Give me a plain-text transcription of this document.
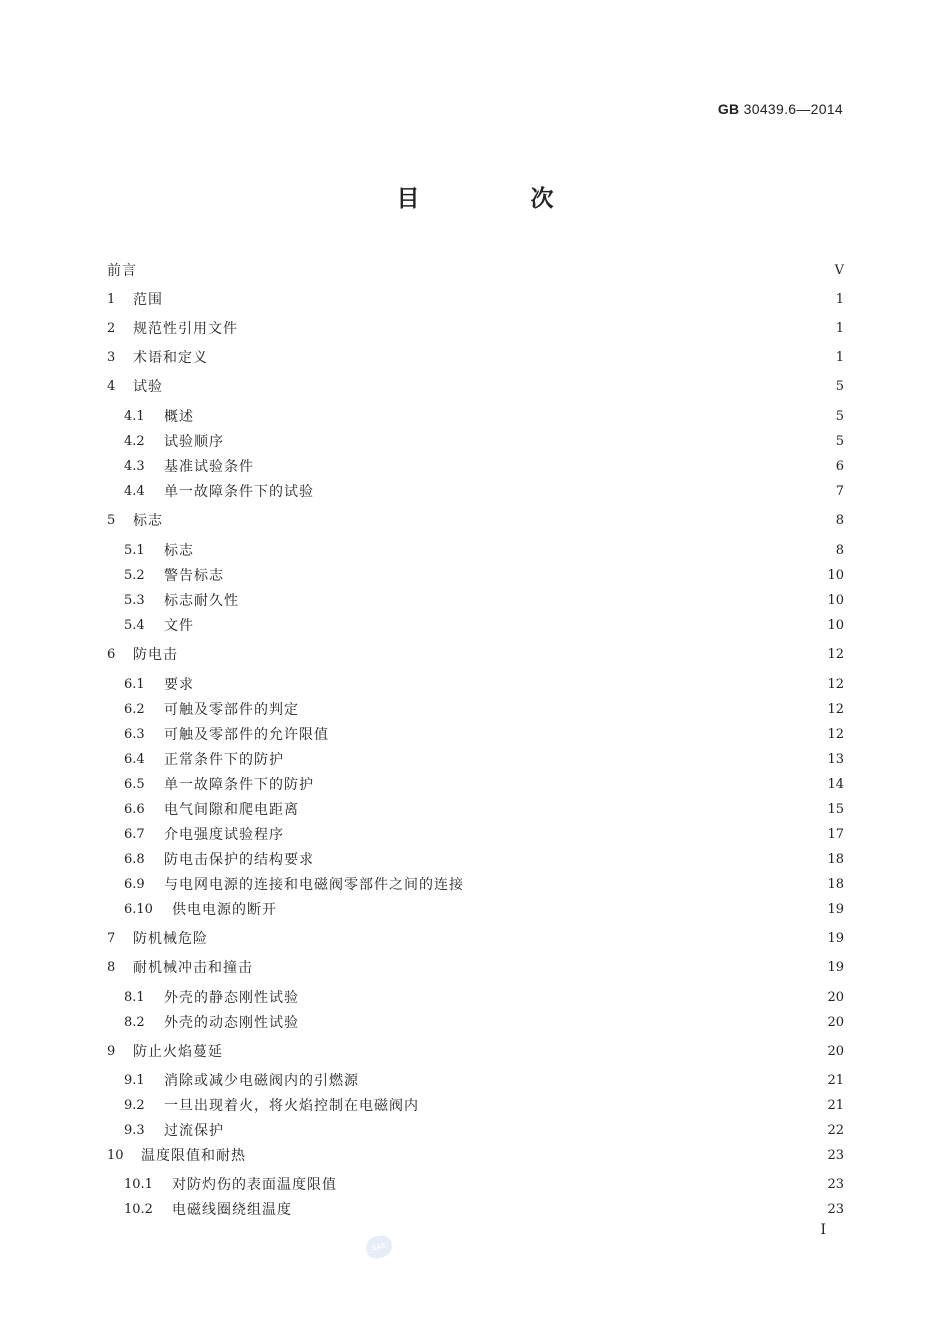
GB 30439.6—2014
目　次
前言	Ⅴ
1	范围	1
2	规范性引用文件	1
3	术语和定义	1
4	试验	5
4.1	概述	5
4.2	试验顺序	5
4.3	基准试验条件	6
4.4	单一故障条件下的试验	7
5	标志	8
5.1	标志	8
5.2	警告标志	10
5.3	标志耐久性	10
5.4	文件	10
6	防电击	12
6.1	要求	12
6.2	可触及零部件的判定	12
6.3	可触及零部件的允许限值	12
6.4	正常条件下的防护	13
6.5	单一故障条件下的防护	14
6.6	电气间隙和爬电距离	15
6.7	介电强度试验程序	17
6.8	防电击保护的结构要求	18
6.9	与电网电源的连接和电磁阀零部件之间的连接	18
6.10	供电电源的断开	19
7	防机械危险	19
8	耐机械冲击和撞击	19
8.1	外壳的静态刚性试验	20
8.2	外壳的动态刚性试验	20
9	防止火焰蔓延	20
9.1	消除或减少电磁阀内的引燃源	21
9.2	一旦出现着火，将火焰控制在电磁阀内	21
9.3	过流保护	22
10	温度限值和耐热	23
10.1	对防灼伤的表面温度限值	23
10.2	电磁线圈绕组温度	23
Ⅰ
SAC
